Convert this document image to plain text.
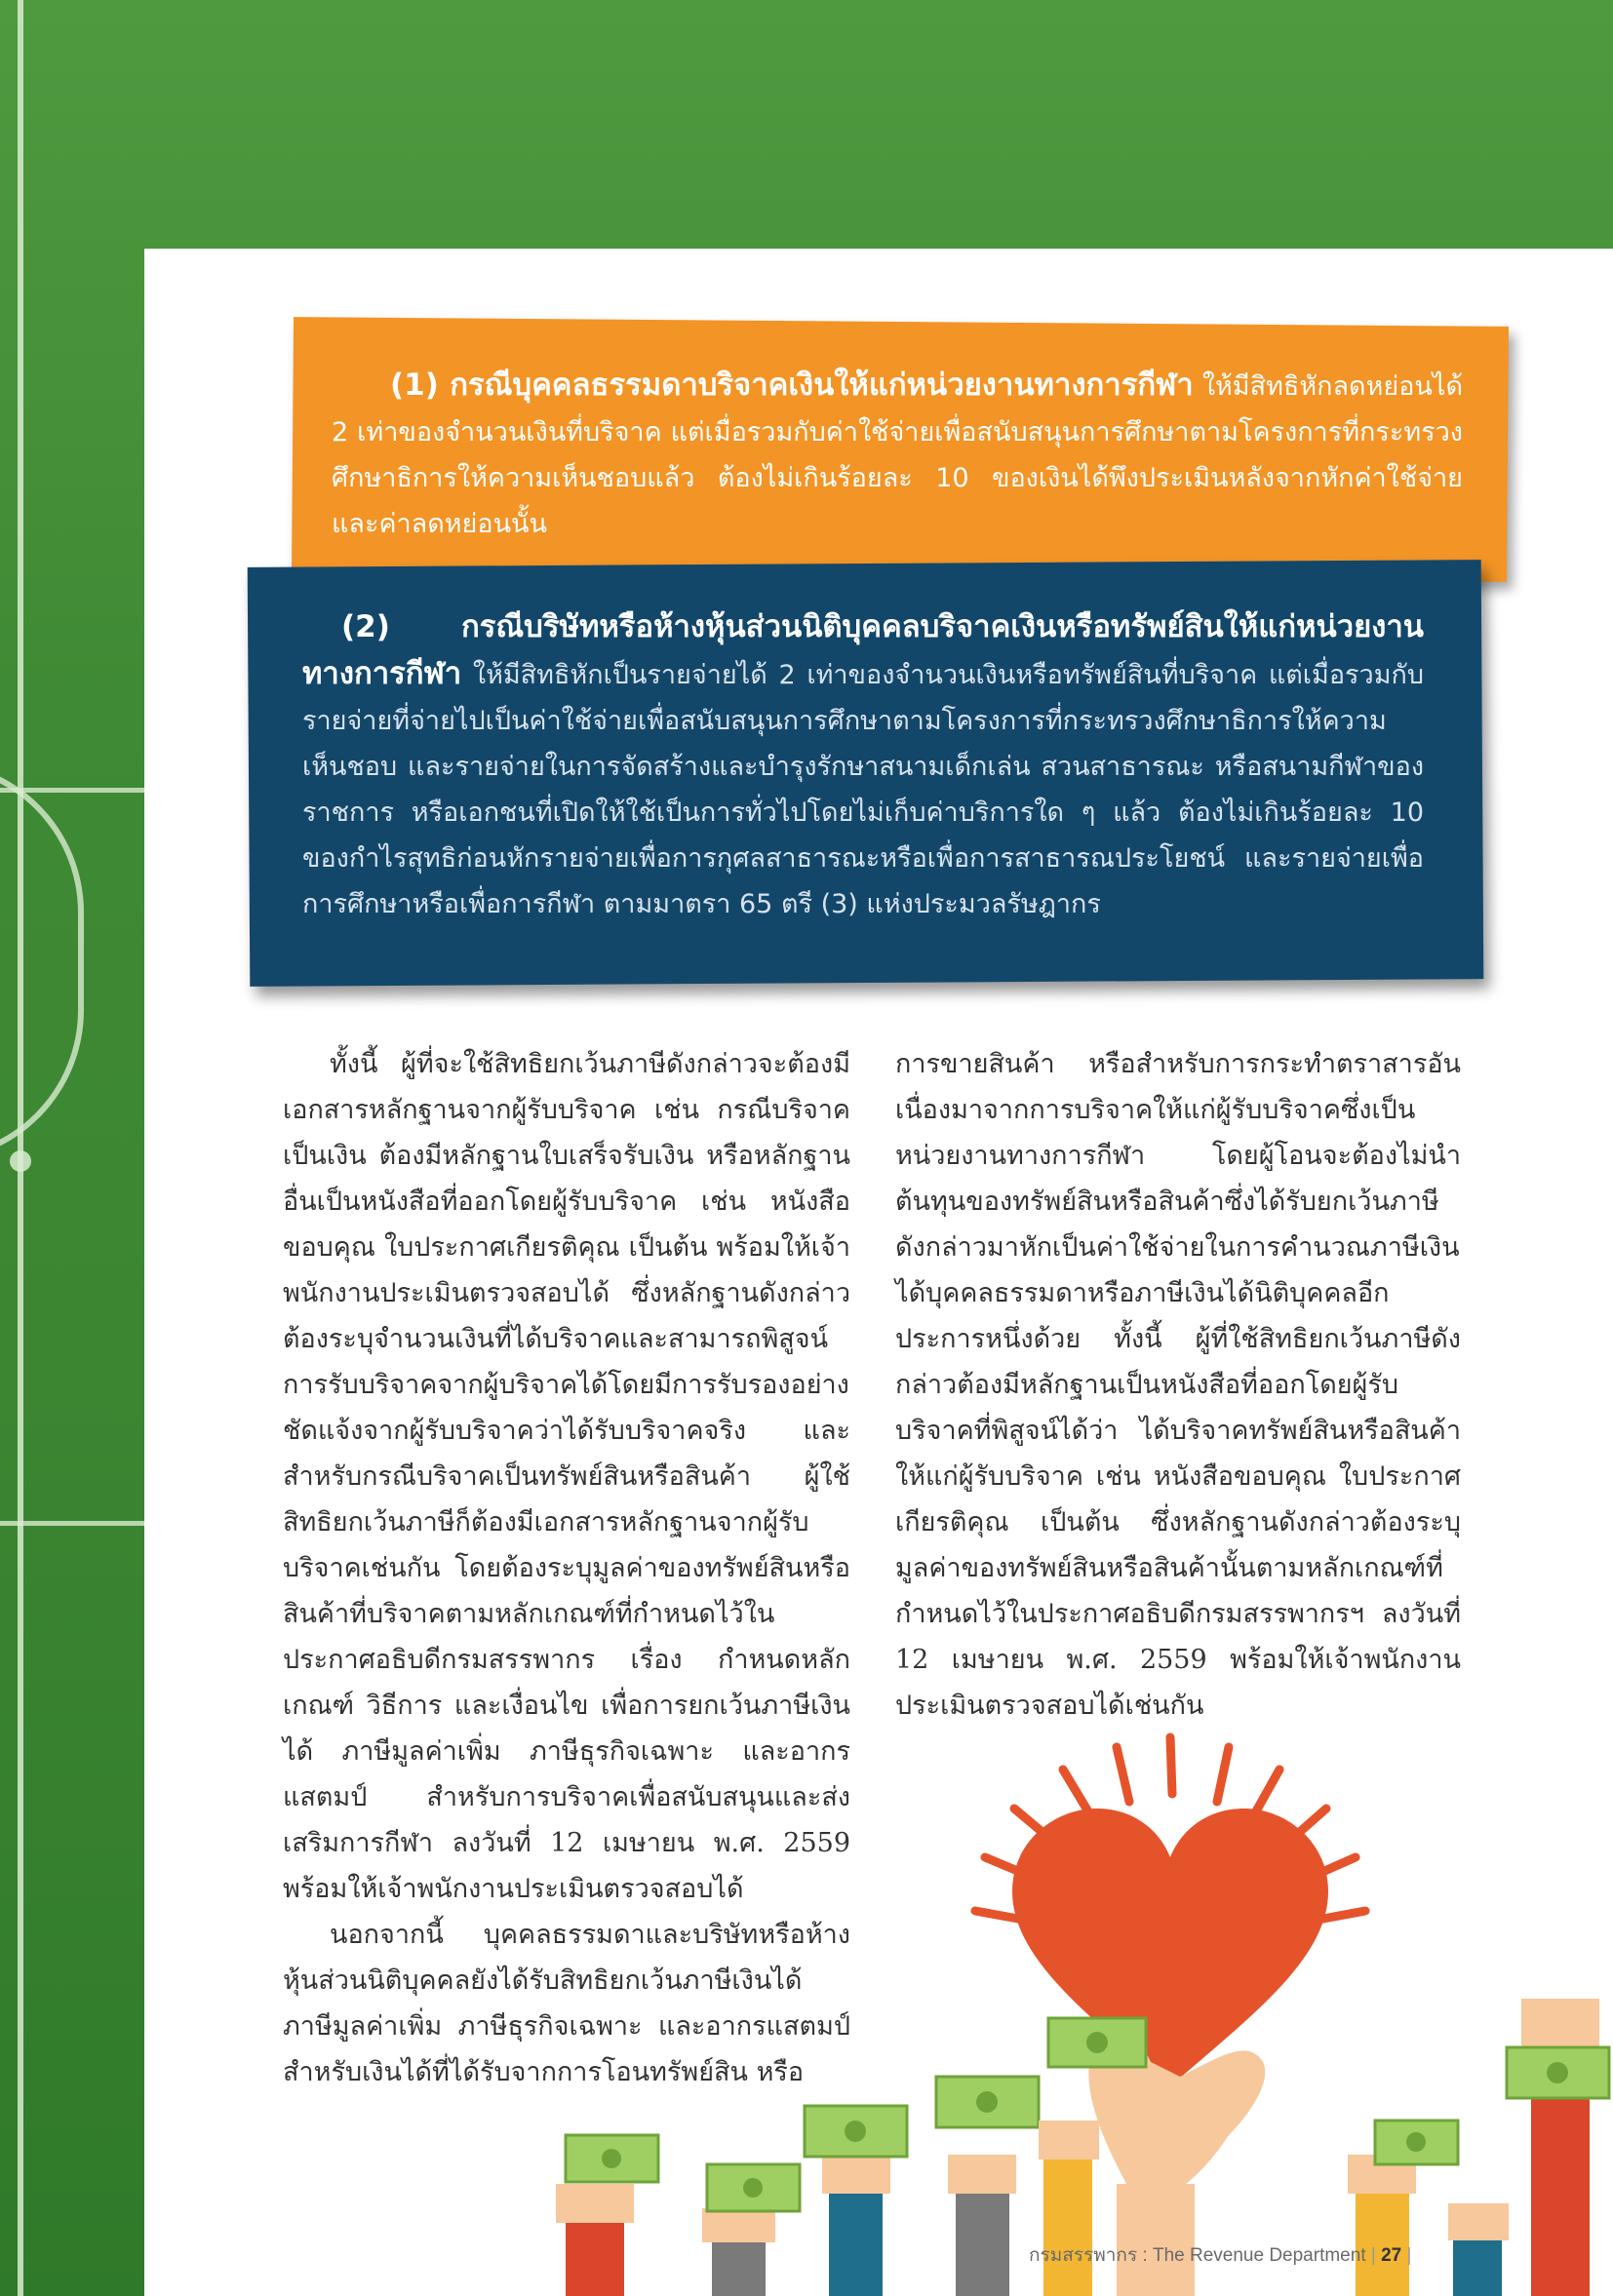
(1) กรณีบุคคลธรรมดาบริจาคเงินให้แก่หน่วยงานทางการกีฬา ให้มีสิทธิหักลดหย่อนได้ 2 เท่าของจำนวนเงินที่บริจาค แต่เมื่อรวมกับค่าใช้จ่ายเพื่อสนับสนุนการศึกษาตามโครงการที่กระทรวงศึกษาธิการให้ความเห็นชอบแล้ว ต้องไม่เกินร้อยละ 10 ของเงินได้พึงประเมินหลังจากหักค่าใช้จ่ายและค่าลดหย่อนนั้น
(2) กรณีบริษัทหรือห้างหุ้นส่วนนิติบุคคลบริจาคเงินหรือทรัพย์สินให้แก่หน่วยงานทางการกีฬา ให้มีสิทธิหักเป็นรายจ่ายได้ 2 เท่าของจำนวนเงินหรือทรัพย์สินที่บริจาค แต่เมื่อรวมกับรายจ่ายที่จ่ายไปเป็นค่าใช้จ่ายเพื่อสนับสนุนการศึกษาตามโครงการที่กระทรวงศึกษาธิการให้ความเห็นชอบ และรายจ่ายในการจัดสร้างและบำรุงรักษาสนามเด็กเล่น สวนสาธารณะ หรือสนามกีฬาของราชการ หรือเอกชนที่เปิดให้ใช้เป็นการทั่วไปโดยไม่เก็บค่าบริการใด ๆ แล้ว ต้องไม่เกินร้อยละ 10 ของกำไรสุทธิก่อนหักรายจ่ายเพื่อการกุศลสาธารณะหรือเพื่อการสาธารณประโยชน์ และรายจ่ายเพื่อการศึกษาหรือเพื่อการกีฬา ตามมาตรา 65 ตรี (3) แห่งประมวลรัษฎากร

ทั้งนี้ ผู้ที่จะใช้สิทธิยกเว้นภาษีดังกล่าวจะต้องมีเอกสารหลักฐานจากผู้รับบริจาค เช่น กรณีบริจาคเป็นเงิน ต้องมีหลักฐานใบเสร็จรับเงิน หรือหลักฐานอื่นเป็นหนังสือที่ออกโดยผู้รับบริจาค เช่น หนังสือขอบคุณ ใบประกาศเกียรติคุณ เป็นต้น พร้อมให้เจ้าพนักงานประเมินตรวจสอบได้ ซึ่งหลักฐานดังกล่าวต้องระบุจำนวนเงินที่ได้บริจาคและสามารถพิสูจน์การรับบริจาคจากผู้บริจาคได้โดยมีการรับรองอย่างชัดแจ้งจากผู้รับบริจาคว่าได้รับบริจาคจริง และสำหรับกรณีบริจาคเป็นทรัพย์สินหรือสินค้า ผู้ใช้สิทธิยกเว้นภาษีก็ต้องมีเอกสารหลักฐานจากผู้รับบริจาคเช่นกัน โดยต้องระบุมูลค่าของทรัพย์สินหรือสินค้าที่บริจาคตามหลักเกณฑ์ที่กำหนดไว้ในประกาศอธิบดีกรมสรรพากร เรื่อง กำหนดหลักเกณฑ์ วิธีการ และเงื่อนไข เพื่อการยกเว้นภาษีเงินได้ ภาษีมูลค่าเพิ่ม ภาษีธุรกิจเฉพาะ และอากรแสตมป์ สำหรับการบริจาคเพื่อสนับสนุนและส่งเสริมการกีฬา ลงวันที่ 12 เมษายน พ.ศ. 2559 พร้อมให้เจ้าพนักงานประเมินตรวจสอบได้

นอกจากนี้ บุคคลธรรมดาและบริษัทหรือห้างหุ้นส่วนนิติบุคคลยังได้รับสิทธิยกเว้นภาษีเงินได้ ภาษีมูลค่าเพิ่ม ภาษีธุรกิจเฉพาะ และอากรแสตมป์ สำหรับเงินได้ที่ได้รับจากการโอนทรัพย์สิน หรือ

การขายสินค้า หรือสำหรับการกระทำตราสารอันเนื่องมาจากการบริจาคให้แก่ผู้รับบริจาคซึ่งเป็นหน่วยงานทางการกีฬา โดยผู้โอนจะต้องไม่นำต้นทุนของทรัพย์สินหรือสินค้าซึ่งได้รับยกเว้นภาษีดังกล่าวมาหักเป็นค่าใช้จ่ายในการคำนวณภาษีเงินได้บุคคลธรรมดาหรือภาษีเงินได้นิติบุคคลอีกประการหนึ่งด้วย ทั้งนี้ ผู้ที่ใช้สิทธิยกเว้นภาษีดังกล่าวต้องมีหลักฐานเป็นหนังสือที่ออกโดยผู้รับบริจาคที่พิสูจน์ได้ว่า ได้บริจาคทรัพย์สินหรือสินค้าให้แก่ผู้รับบริจาค เช่น หนังสือขอบคุณ ใบประกาศเกียรติคุณ เป็นต้น ซึ่งหลักฐานดังกล่าวต้องระบุมูลค่าของทรัพย์สินหรือสินค้านั้นตามหลักเกณฑ์ที่กำหนดไว้ในประกาศอธิบดีกรมสรรพากรฯ ลงวันที่ 12 เมษายน พ.ศ. 2559 พร้อมให้เจ้าพนักงานประเมินตรวจสอบได้เช่นกัน

กรมสรรพากร : The Revenue Department | 27 |
